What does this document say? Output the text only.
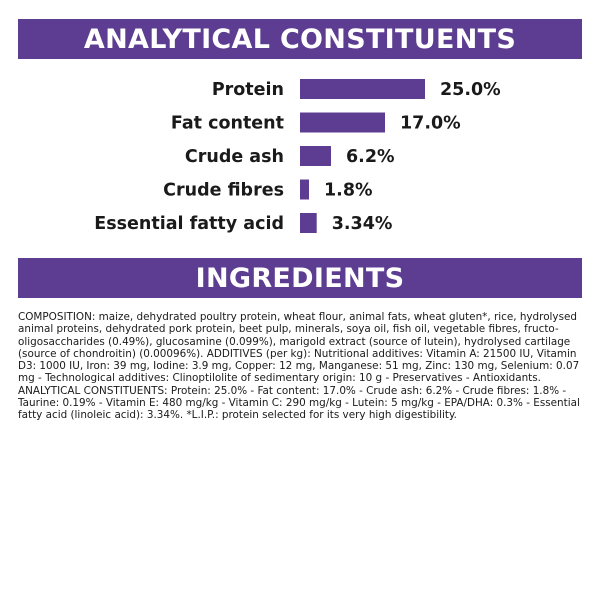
ANALYTICAL CONSTITUENTS
Protein	25.0%
Fat content	17.0%
Crude ash	6.2%
Crude fibres 1.8%
Essential fatty acid	3.34%
INGREDIENTS

COMPOSITION: maize, dehydrated poultry protein, wheat flour, animal fats, wheat gluten*, rice, hydrolysed animal proteins, dehydrated pork protein, beet pulp, minerals, soya oil, fish oil, vegetable fibres, fructo-oligosaccharides (0.49%), glucosamine (0.099%), marigold extract (source of lutein), hydrolysed cartilage (source of chondroitin) (0.00096%). ADDITIVES (per kg): Nutritional additives: Vitamin A: 21500 IU, Vitamin D3: 1000 IU, Iron: 39 mg, Iodine: 3.9 mg, Copper: 12 mg, Manganese: 51 mg, Zinc: 130 mg, Selenium: 0.07 mg - Technological additives: Clinoptilolite of sedimentary origin: 10 g - Preservatives - Antioxidants. ANALYTICAL CONSTITUENTS: Protein: 25.0% - Fat content: 17.0% - Crude ash: 6.2% - Crude fibres: 1.8% - Taurine: 0.19% - Vitamin E: 480 mg/kg - Vitamin C: 290 mg/kg - Lutein: 5 mg/kg - EPA/DHA: 0.3% - Essential fatty acid (linoleic acid): 3.34%. *L.I.P.: protein selected for its very high digestibility.
